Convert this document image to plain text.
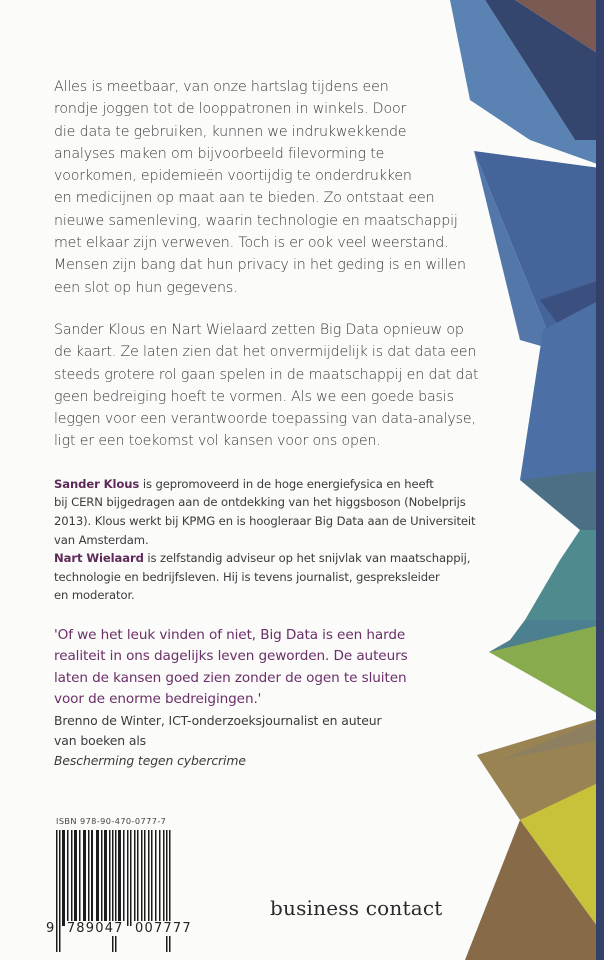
Alles is meetbaar, van onze hartslag tijdens een
rondje joggen tot de looppatronen in winkels. Door
die data te gebruiken, kunnen we indrukwekkende
analyses maken om bijvoorbeeld filevorming te
voorkomen, epidemieën voortijdig te onderdrukken
en medicijnen op maat aan te bieden. Zo ontstaat een
nieuwe samenleving, waarin technologie en maatschappij
met elkaar zijn verweven. Toch is er ook veel weerstand.
Mensen zijn bang dat hun privacy in het geding is en willen
een slot op hun gegevens.

Sander Klous en Nart Wielaard zetten Big Data opnieuw op
de kaart. Ze laten zien dat het onvermijdelijk is dat data een
steeds grotere rol gaan spelen in de maatschappij en dat dat
geen bedreiging hoeft te vormen. Als we een goede basis
leggen voor een verantwoorde toepassing van data-analyse,
ligt er een toekomst vol kansen voor ons open.

Sander Klous is gepromoveerd in de hoge energiefysica en heeft
bij CERN bijgedragen aan de ontdekking van het higgsboson (Nobelprijs
2013). Klous werkt bij KPMG en is hoogleraar Big Data aan de Universiteit
van Amsterdam.
Nart Wielaard is zelfstandig adviseur op het snijvlak van maatschappij,
technologie en bedrijfsleven. Hij is tevens journalist, gespreksleider
en moderator.
'Of we het leuk vinden of niet, Big Data is een harde
realiteit in ons dagelijks leven geworden. De auteurs
laten de kansen goed zien zonder de ogen te sluiten
voor de enorme bedreigingen.'
Brenno de Winter, ICT-onderzoeksjournalist en auteur
van boeken als
Bescherming tegen cybercrime
ISBN 978-90-470-0777-7
9 789047 007777
business contact
